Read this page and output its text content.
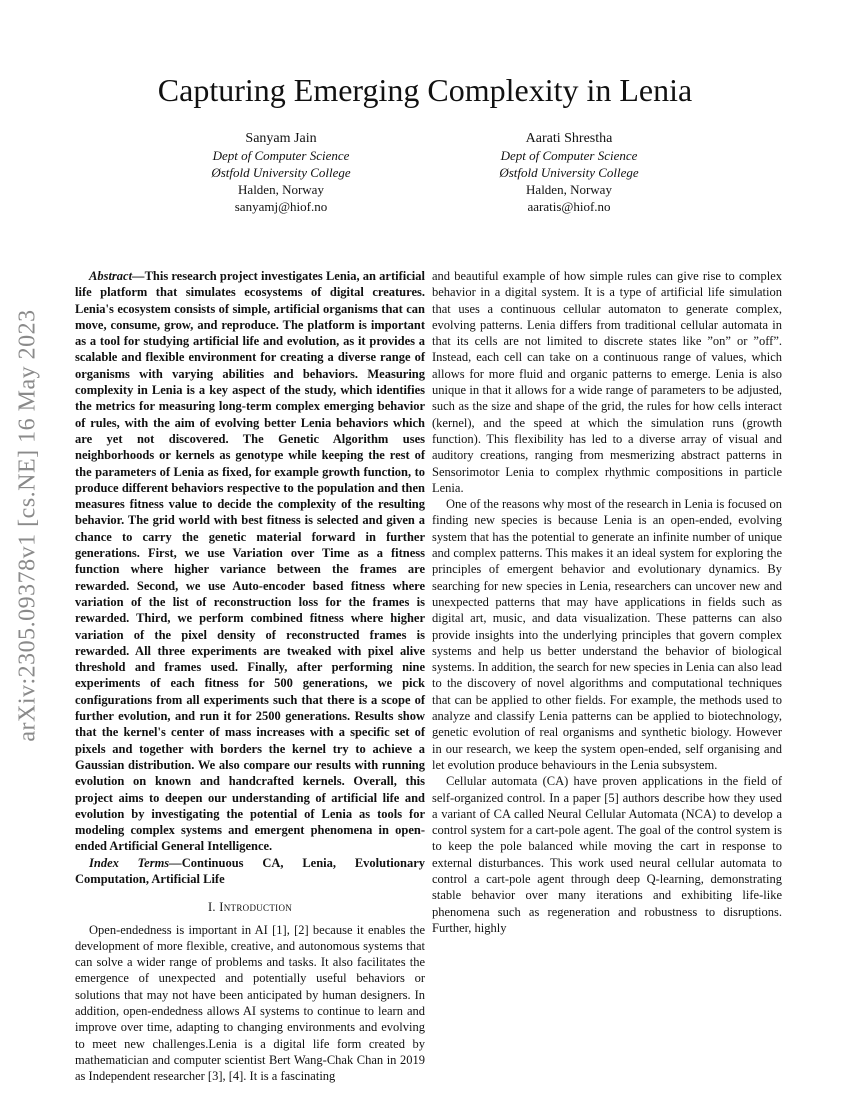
arXiv:2305.09378v1 [cs.NE] 16 May 2023
Capturing Emerging Complexity in Lenia
Sanyam Jain
Dept of Computer Science
Østfold University College
Halden, Norway
sanyamj@hiof.no
Aarati Shrestha
Dept of Computer Science
Østfold University College
Halden, Norway
aaratis@hiof.no

Abstract—This research project investigates Lenia, an artificial life platform that simulates ecosystems of digital creatures. Lenia's ecosystem consists of simple, artificial organisms that can move, consume, grow, and reproduce. The platform is important as a tool for studying artificial life and evolution, as it provides a scalable and flexible environment for creating a diverse range of organisms with varying abilities and behaviors. Measuring complexity in Lenia is a key aspect of the study, which identifies the metrics for measuring long-term complex emerging behavior of rules, with the aim of evolving better Lenia behaviors which are yet not discovered. The Genetic Algorithm uses neighborhoods or kernels as genotype while keeping the rest of the parameters of Lenia as fixed, for example growth function, to produce different behaviors respective to the population and then measures fitness value to decide the complexity of the resulting behavior. The grid world with best fitness is selected and given a chance to carry the genetic material forward in further generations. First, we use Variation over Time as a fitness function where higher variance between the frames are rewarded. Second, we use Auto-encoder based fitness where variation of the list of reconstruction loss for the frames is rewarded. Third, we perform combined fitness where higher variation of the pixel density of reconstructed frames is rewarded. All three experiments are tweaked with pixel alive threshold and frames used. Finally, after performing nine experiments of each fitness for 500 generations, we pick configurations from all experiments such that there is a scope of further evolution, and run it for 2500 generations. Results show that the kernel's center of mass increases with a specific set of pixels and together with borders the kernel try to achieve a Gaussian distribution. We also compare our results with running evolution on known and handcrafted kernels. Overall, this project aims to deepen our understanding of artificial life and evolution by investigating the potential of Lenia as tools for modeling complex systems and emergent phenomena in open-ended Artificial General Intelligence.

Index Terms—Continuous CA, Lenia, Evolutionary Computation, Artificial Life

I. Introduction

Open-endedness is important in AI [1], [2] because it enables the development of more flexible, creative, and autonomous systems that can solve a wider range of problems and tasks. It also facilitates the emergence of unexpected and potentially useful behaviors or solutions that may not have been anticipated by human designers. In addition, open-endedness allows AI systems to continue to learn and improve over time, adapting to changing environments and evolving to meet new challenges.Lenia is a digital life form created by mathematician and computer scientist Bert Wang-Chak Chan in 2019 as Independent researcher [3], [4]. It is a fascinating

and beautiful example of how simple rules can give rise to complex behavior in a digital system. It is a type of artificial life simulation that uses a continuous cellular automaton to generate complex, evolving patterns. Lenia differs from traditional cellular automata in that its cells are not limited to discrete states like ”on” or ”off”. Instead, each cell can take on a continuous range of values, which allows for more fluid and organic patterns to emerge. Lenia is also unique in that it allows for a wide range of parameters to be adjusted, such as the size and shape of the grid, the rules for how cells interact (kernel), and the speed at which the simulation runs (growth function). This flexibility has led to a diverse array of visual and auditory creations, ranging from mesmerizing abstract patterns in Sensorimotor Lenia to complex rhythmic compositions in particle Lenia.

One of the reasons why most of the research in Lenia is focused on finding new species is because Lenia is an open-ended, evolving system that has the potential to generate an infinite number of unique and complex patterns. This makes it an ideal system for exploring the principles of emergent behavior and evolutionary dynamics. By searching for new species in Lenia, researchers can uncover new and unexpected patterns that may have applications in fields such as digital art, music, and data visualization. These patterns can also provide insights into the underlying principles that govern complex systems and help us better understand the behavior of biological systems. In addition, the search for new species in Lenia can also lead to the discovery of novel algorithms and computational techniques that can be applied to other fields. For example, the methods used to analyze and classify Lenia patterns can be applied to biotechnology, genetic evolution of real organisms and synthetic biology. However in our research, we keep the system open-ended, self organising and let evolution produce behaviours in the Lenia subsystem.

Cellular automata (CA) have proven applications in the field of self-organized control. In a paper [5] authors describe how they used a variant of CA called Neural Cellular Automata (NCA) to develop a control system for a cart-pole agent. The goal of the control system is to keep the pole balanced while moving the cart in response to external disturbances. This work used neural cellular automata to control a cart-pole agent through deep Q-learning, demonstrating stable behavior over many iterations and exhibiting life-like phenomena such as regeneration and robustness to disruptions. Further, highly
